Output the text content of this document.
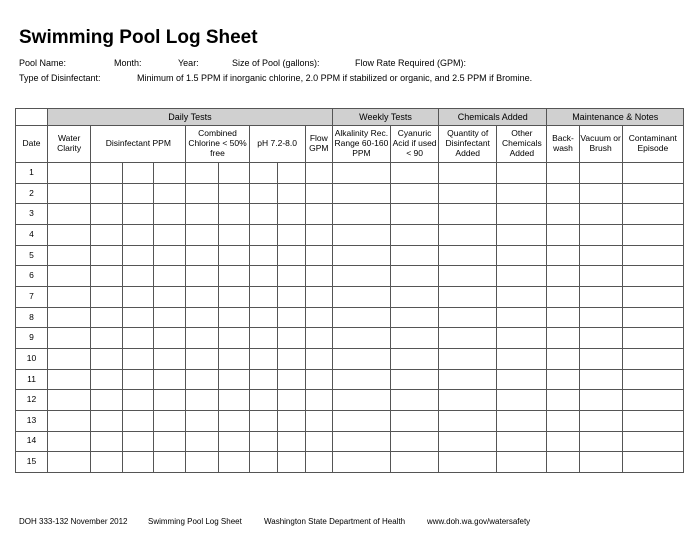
Swimming Pool Log Sheet
Pool Name:	Month:	Year:	Size of Pool (gallons):	Flow Rate Required (GPM):
Type of Disinfectant:	Minimum of 1.5 PPM if inorganic chlorine, 2.0 PPM if stabilized or organic, and 2.5 PPM if Bromine.
	Daily Tests									Weekly Tests		Chemicals Added		Maintenance & Notes		
Date	Water Clarity	Disinfectant PPM			Combined Chlorine < 50% free		pH 7.2-8.0		Flow GPM	Alkalinity Rec. Range 60-160 PPM	Cyanuric Acid if used < 90	Quantity of Disinfectant Added	Other Chemicals Added	Back-wash	Vacuum or Brush	Contaminant Episode
1																
2																
3																
4																
5																
6																
7																
8																
9																
10																
11																
12																
13																
14																
15																
DOH 333-132 November 2012	Swimming Pool Log Sheet	Washington State Department of Health	www.doh.wa.gov/watersafety
